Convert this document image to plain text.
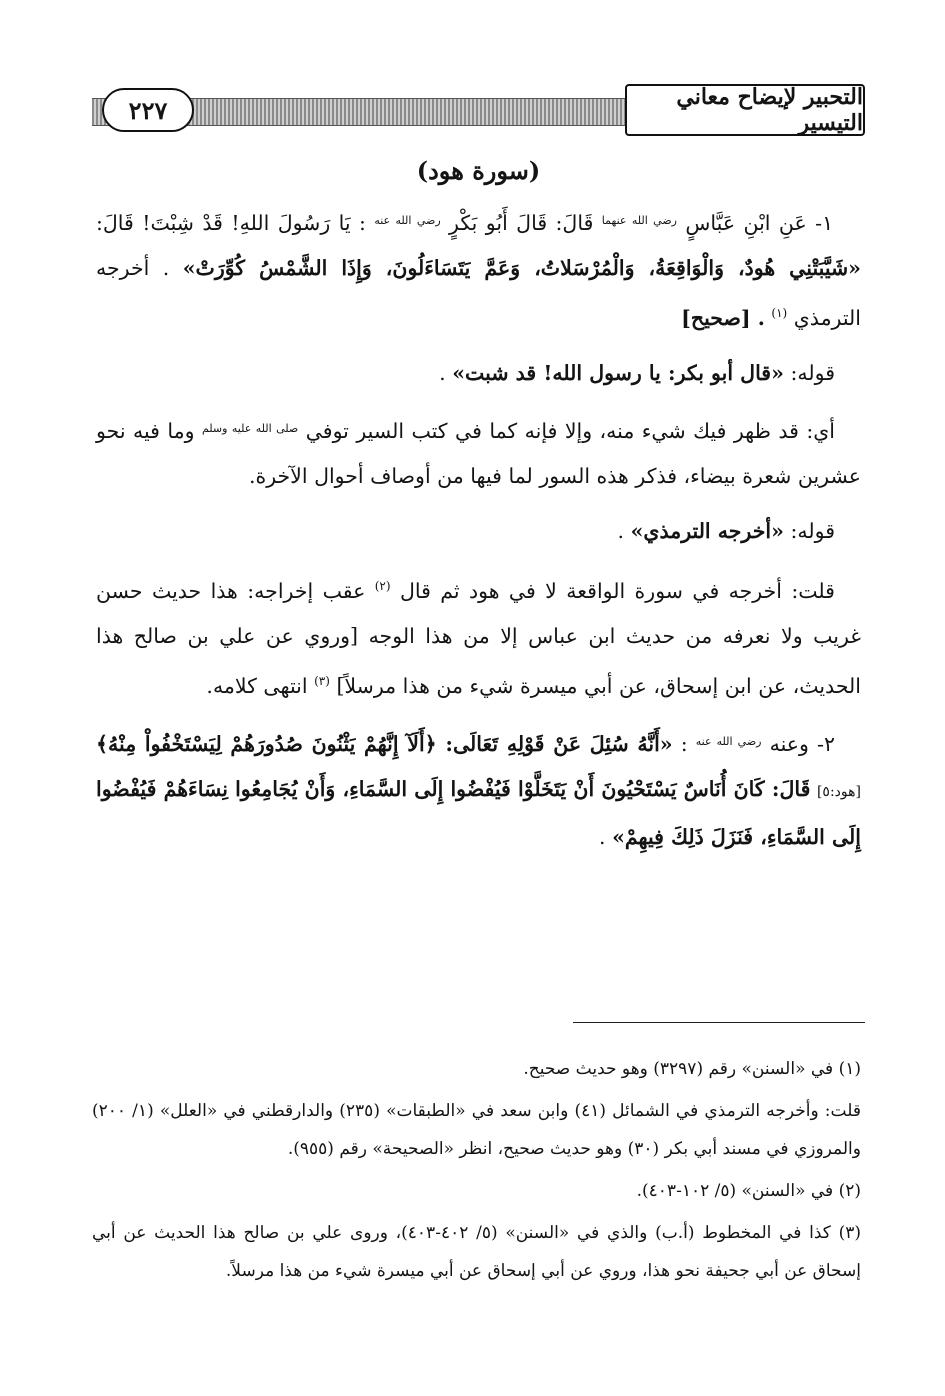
التحبير لإيضاح معاني التيسير
٢٢٧
(سورة هود)

١- عَنِ ابْنِ عَبَّاسٍ $^{رضي الله عنهما}$ قَالَ: قَالَ أَبُو بَكْرٍ $^{رضي الله عنه}$ : يَا رَسُولَ اللهِ! قَدْ شِبْتَ! قَالَ: «شَيَّبَتْنِي هُودٌ، وَالْوَاقِعَةُ، وَالْمُرْسَلاتُ، وَعَمَّ يَتَسَاءَلُونَ، وَإِذَا الشَّمْسُ كُوِّرَتْ» . أخرجه الترمذي $^{(١)}$ . [صحيح]

قوله: «قال أبو بكر: يا رسول الله! قد شبت» .

أي: قد ظهر فيك شيء منه، وإلا فإنه كما في كتب السير توفي $^{صلى الله عليه وسلم}$ وما فيه نحو عشرين شعرة بيضاء، فذكر هذه السور لما فيها من أوصاف أحوال الآخرة.

قوله: «أخرجه الترمذي» .

قلت: أخرجه في سورة الواقعة لا في هود ثم قال $^{(٢)}$ عقب إخراجه: هذا حديث حسن غريب ولا نعرفه من حديث ابن عباس إلا من هذا الوجه [وروي عن علي بن صالح هذا الحديث، عن ابن إسحاق، عن أبي ميسرة شيء من هذا مرسلاً] $^{(٣)}$ انتهى كلامه.

٢- وعنه $^{رضي الله عنه}$ : «أَنَّهُ سُئِلَ عَنْ قَوْلِهِ تَعَالَى: ﴿أَلَآ إِنَّهُمْ يَثْنُونَ صُدُورَهُمْ لِيَسْتَخْفُواْ مِنْهُ﴾ [هود:٥] قَالَ: كَانَ أُنَاسٌ يَسْتَحْيُونَ أَنْ يَتَخَلَّوْا فَيُفْضُوا إِلَى السَّمَاءِ، وَأَنْ يُجَامِعُوا نِسَاءَهُمْ فَيُفْضُوا إِلَى السَّمَاءِ، فَنَزَلَ ذَلِكَ فِيهِمْ» .

(١) في «السنن» رقم (٣٢٩٧) وهو حديث صحيح.

قلت: وأخرجه الترمذي في الشمائل (٤١) وابن سعد في «الطبقات» (٢٣٥) والدارقطني في «العلل» (١/ ٢٠٠) والمروزي في مسند أبي بكر (٣٠) وهو حديث صحيح، انظر «الصحيحة» رقم (٩٥٥).

(٢) في «السنن» (٥/ ١٠٢-٤٠٣).

(٣) كذا في المخطوط (أ.ب) والذي في «السنن» (٥/ ٤٠٢-٤٠٣)، وروى علي بن صالح هذا الحديث عن أبي إسحاق عن أبي جحيفة نحو هذا، وروي عن أبي إسحاق عن أبي ميسرة شيء من هذا مرسلاً.
